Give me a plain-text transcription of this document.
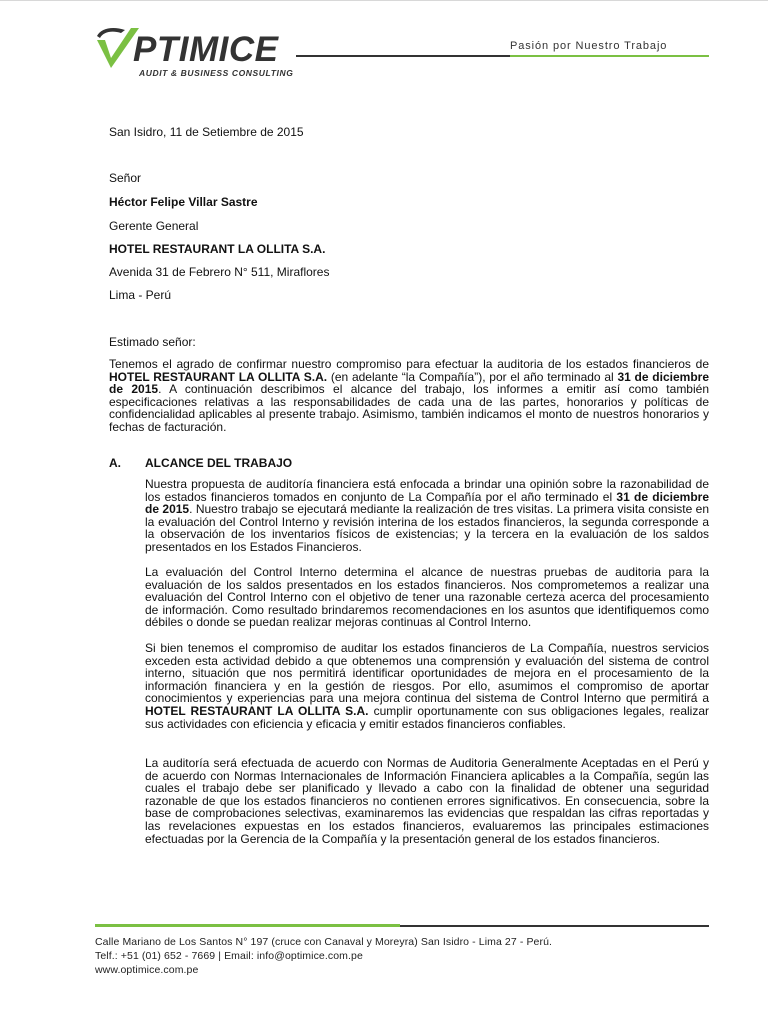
PTIMICE
AUDIT & BUSINESS CONSULTING
Pasión por Nuestro Trabajo
San Isidro, 11 de Setiembre de 2015
Señor
Héctor Felipe Villar Sastre
Gerente General
HOTEL RESTAURANT LA OLLITA S.A.
Avenida 31 de Febrero N° 511, Miraflores
Lima - Perú
Estimado señor:
Tenemos el agrado de confirmar nuestro compromiso para efectuar la auditoria de los estados financieros de HOTEL RESTAURANT LA OLLITA S.A. (en adelante “la Compañía”), por el año terminado al 31 de diciembre de 2015. A continuación describimos el alcance del trabajo, los informes a emitir así como también especificaciones relativas a las responsabilidades de cada una de las partes, honorarios y políticas de confidencialidad aplicables al presente trabajo. Asimismo, también indicamos el monto de nuestros honorarios y fechas de facturación.
A. ALCANCE DEL TRABAJO
Nuestra propuesta de auditoría financiera está enfocada a brindar una opinión sobre la razonabilidad de los estados financieros tomados en conjunto de La Compañía por el año terminado el 31 de diciembre de 2015. Nuestro trabajo se ejecutará mediante la realización de tres visitas. La primera visita consiste en la evaluación del Control Interno y revisión interina de los estados financieros, la segunda corresponde a la observación de los inventarios físicos de existencias; y la tercera en la evaluación de los saldos presentados en los Estados Financieros.
La evaluación del Control Interno determina el alcance de nuestras pruebas de auditoria para la evaluación de los saldos presentados en los estados financieros. Nos comprometemos a realizar una evaluación del Control Interno con el objetivo de tener una razonable certeza acerca del procesamiento de información. Como resultado brindaremos recomendaciones en los asuntos que identifiquemos como débiles o donde se puedan realizar mejoras continuas al Control Interno.
Si bien tenemos el compromiso de auditar los estados financieros de La Compañía, nuestros servicios exceden esta actividad debido a que obtenemos una comprensión y evaluación del sistema de control interno, situación que nos permitirá identificar oportunidades de mejora en el procesamiento de la información financiera y en la gestión de riesgos. Por ello, asumimos el compromiso de aportar conocimientos y experiencias para una mejora continua del sistema de Control Interno que permitirá a HOTEL RESTAURANT LA OLLITA S.A. cumplir oportunamente con sus obligaciones legales, realizar sus actividades con eficiencia y eficacia y emitir estados financieros confiables.
La auditoría será efectuada de acuerdo con Normas de Auditoria Generalmente Aceptadas en el Perú y de acuerdo con Normas Internacionales de Información Financiera aplicables a la Compañía, según las cuales el trabajo debe ser planificado y llevado a cabo con la finalidad de obtener una seguridad razonable de que los estados financieros no contienen errores significativos. En consecuencia, sobre la base de comprobaciones selectivas, examinaremos las evidencias que respaldan las cifras reportadas y las revelaciones expuestas en los estados financieros, evaluaremos las principales estimaciones efectuadas por la Gerencia de la Compañía y la presentación general de los estados financieros.
Calle Mariano de Los Santos N° 197 (cruce con Canaval y Moreyra) San Isidro - Lima 27 - Perú.
Telf.: +51 (01) 652 - 7669 | Email: info@optimice.com.pe
www.optimice.com.pe
